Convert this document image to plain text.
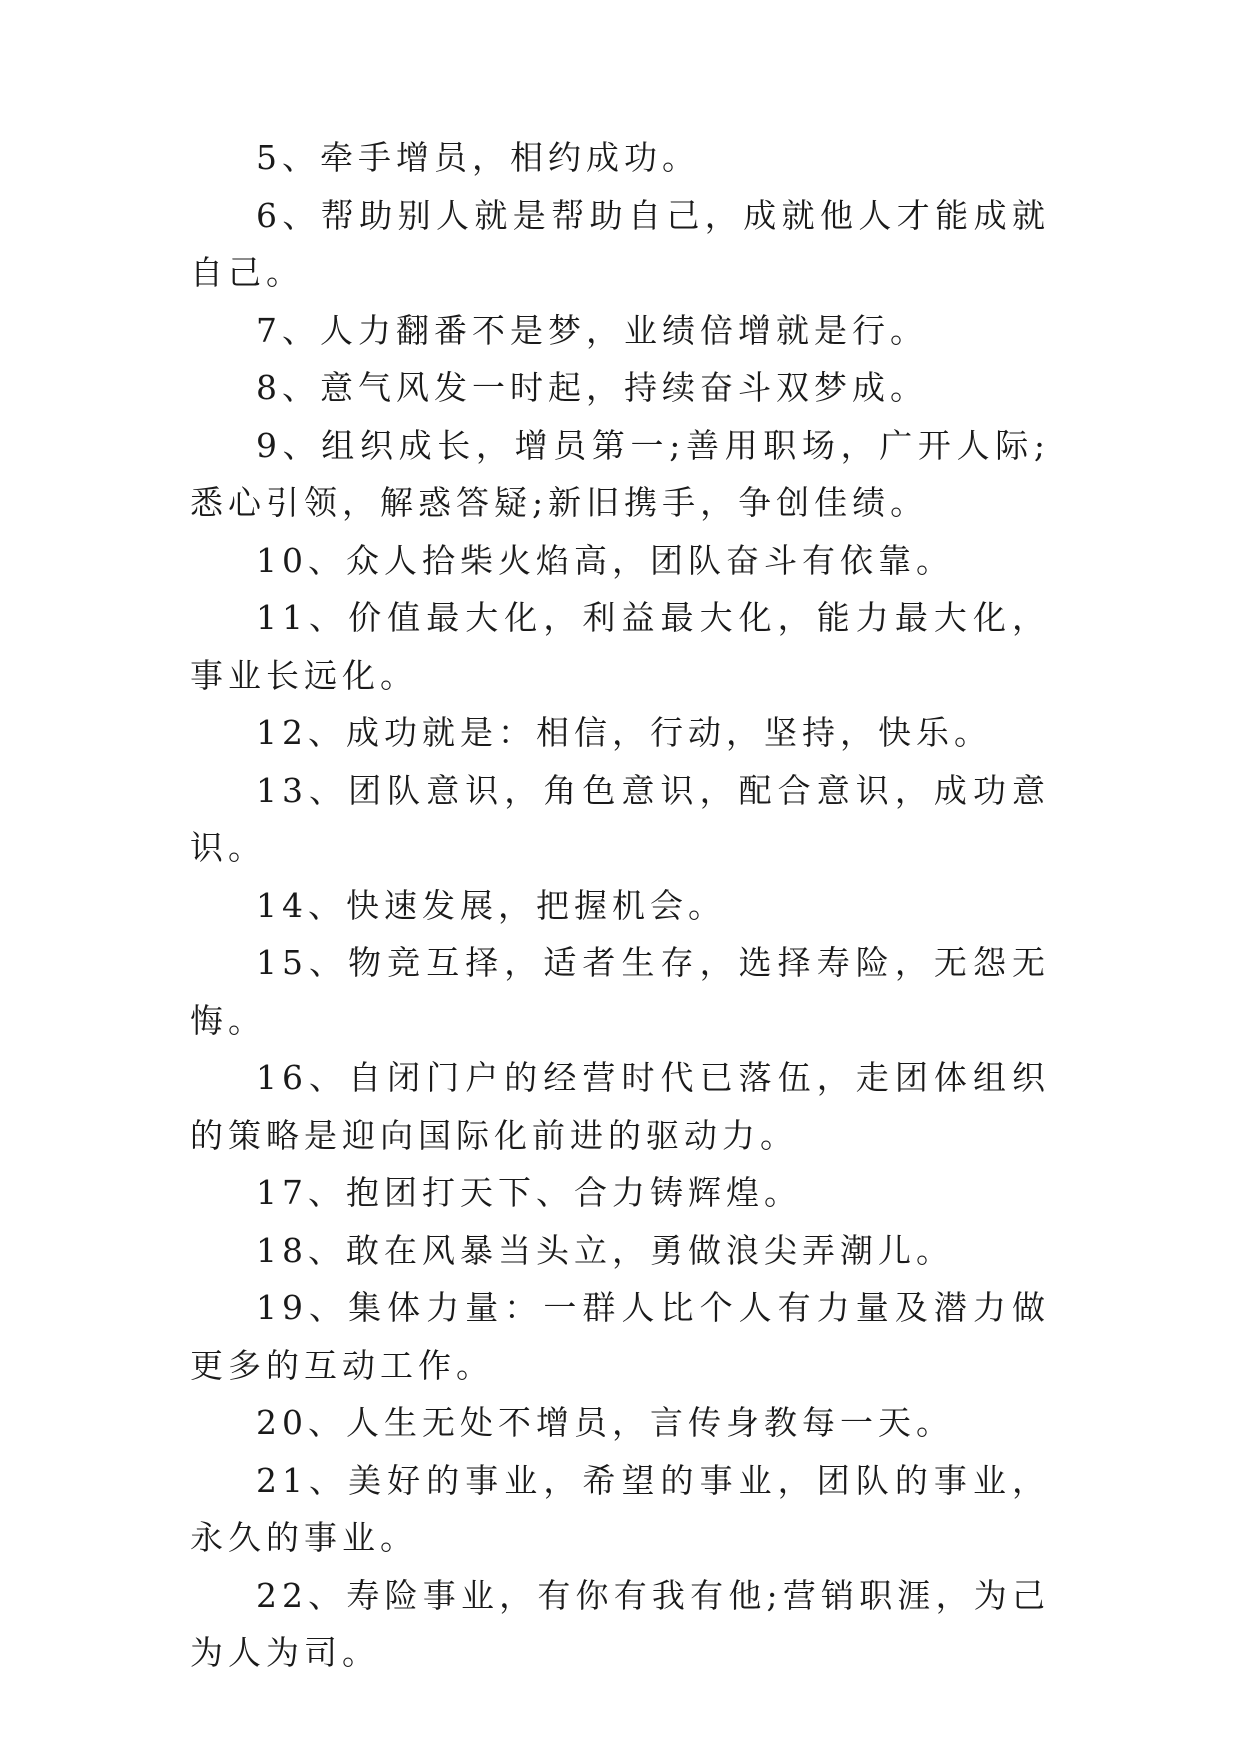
5、牵手增员，相约成功。

6、帮助别人就是帮助自己，成就他人才能成就自己。

7、人力翻番不是梦，业绩倍增就是行。

8、意气风发一时起，持续奋斗双梦成。

9、组织成长，增员第一;善用职场，广开人际;悉心引领，解惑答疑;新旧携手，争创佳绩。

10、众人拾柴火焰高，团队奋斗有依靠。

11、价值最大化，利益最大化，能力最大化，事业长远化。

12、成功就是：相信，行动，坚持，快乐。

13、团队意识，角色意识，配合意识，成功意识。

14、快速发展，把握机会。

15、物竞互择，适者生存，选择寿险，无怨无悔。

16、自闭门户的经营时代已落伍，走团体组织的策略是迎向国际化前进的驱动力。

17、抱团打天下、合力铸辉煌。

18、敢在风暴当头立，勇做浪尖弄潮儿。

19、集体力量：一群人比个人有力量及潜力做更多的互动工作。

20、人生无处不增员，言传身教每一天。

21、美好的事业，希望的事业，团队的事业，永久的事业。

22、寿险事业，有你有我有他;营销职涯，为己为人为司。
